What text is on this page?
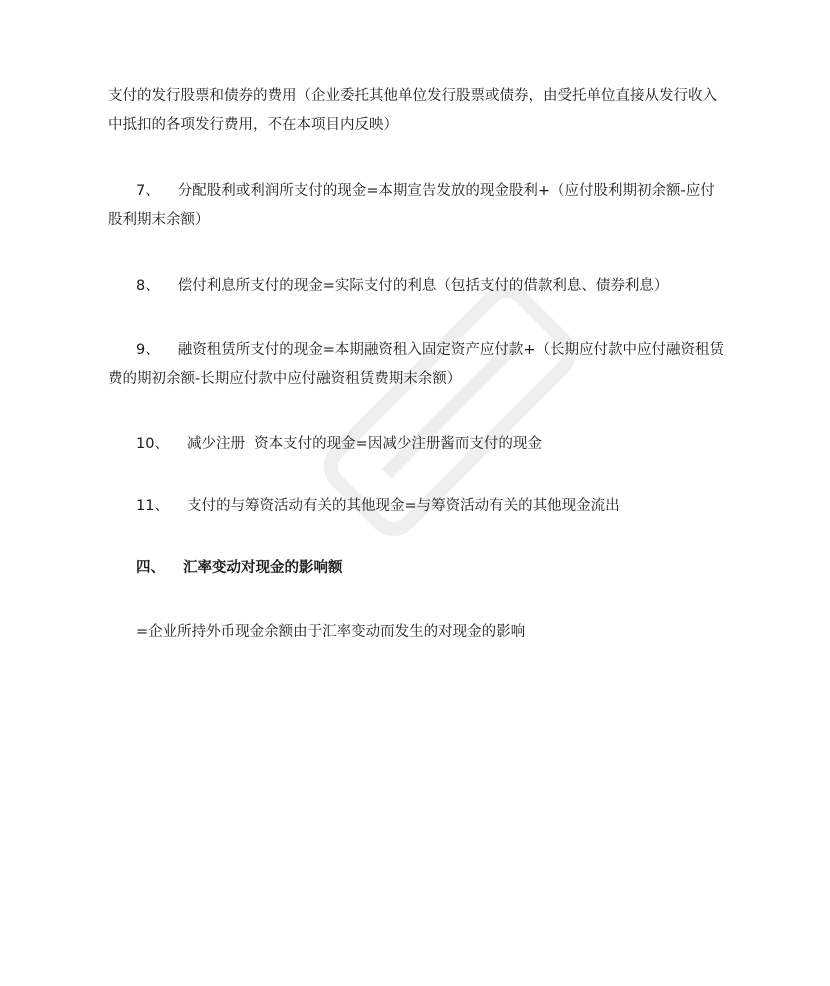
支付的发行股票和债券的费用（企业委托其他单位发行股票或债券，由受托单位直接从发行收入中抵扣的各项发行费用，不在本项目内反映）

7、 分配股利或利润所支付的现金=本期宣告发放的现金股利+（应付股利期初余额-应付股利期末余额）

8、 偿付利息所支付的现金=实际支付的利息（包括支付的借款利息、债券利息）

9、 融资租赁所支付的现金=本期融资租入固定资产应付款+（长期应付款中应付融资租赁费的期初余额-长期应付款中应付融资租赁费期末余额）

10、 减少注册  资本支付的现金=因减少注册酱而支付的现金

11、 支付的与筹资活动有关的其他现金=与筹资活动有关的其他现金流出

四、 汇率变动对现金的影响额

=企业所持外币现金余额由于汇率变动而发生的对现金的影响
